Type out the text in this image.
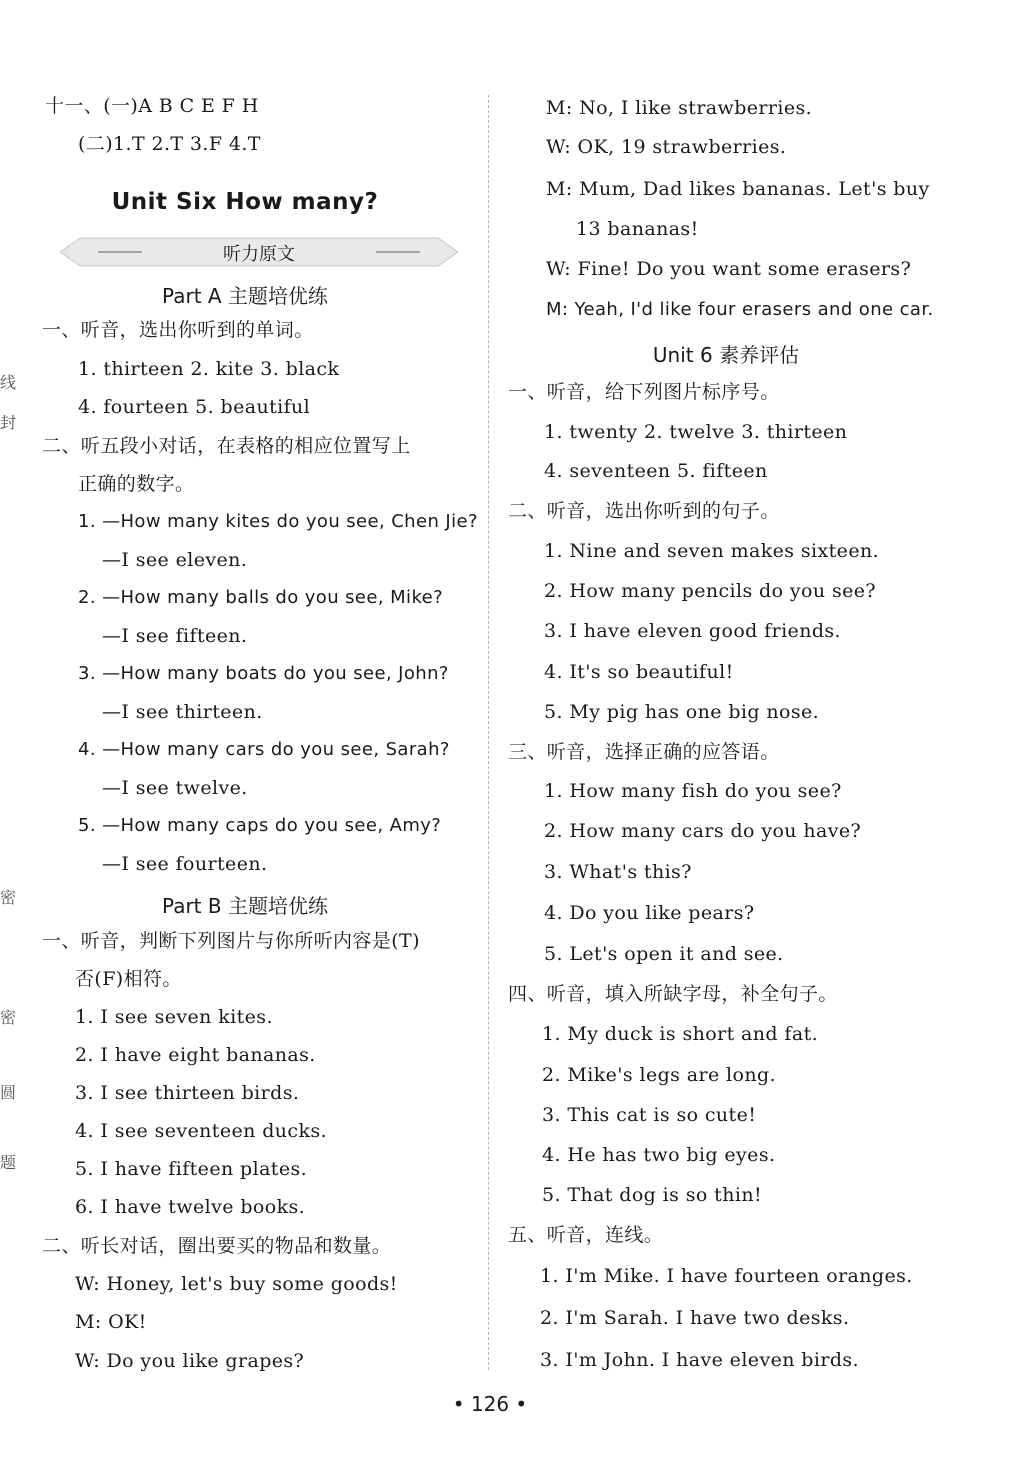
十一、(一)A B C E F H
(二)1.T 2.T 3.F 4.T
Unit Six How many?
听力原文
Part A 主题培优练
一、听音，选出你听到的单词。
1. thirteen 2. kite 3. black
4. fourteen 5. beautiful
二、听五段小对话，在表格的相应位置写上
正确的数字。
1. —How many kites do you see, Chen Jie?
—I see eleven.
2. —How many balls do you see, Mike?
—I see fifteen.
3. —How many boats do you see, John?
—I see thirteen.
4. —How many cars do you see, Sarah?
—I see twelve.
5. —How many caps do you see, Amy?
—I see fourteen.
Part B 主题培优练
一、听音，判断下列图片与你所听内容是(T)
否(F)相符。
1. I see seven kites.
2. I have eight bananas.
3. I see thirteen birds.
4. I see seventeen ducks.
5. I have fifteen plates.
6. I have twelve books.
二、听长对话，圈出要买的物品和数量。
W: Honey, let's buy some goods!
M: OK!
W: Do you like grapes?
线
封
密
密
圆
题
M: No, I like strawberries.
W: OK, 19 strawberries.
M: Mum, Dad likes bananas. Let's buy
13 bananas!
W: Fine! Do you want some erasers?
M: Yeah, I'd like four erasers and one car.
Unit 6 素养评估
一、听音，给下列图片标序号。
1. twenty 2. twelve 3. thirteen
4. seventeen 5. fifteen
二、听音，选出你听到的句子。
1. Nine and seven makes sixteen.
2. How many pencils do you see?
3. I have eleven good friends.
4. It's so beautiful!
5. My pig has one big nose.
三、听音，选择正确的应答语。
1. How many fish do you see?
2. How many cars do you have?
3. What's this?
4. Do you like pears?
5. Let's open it and see.
四、听音，填入所缺字母，补全句子。
1. My duck is short and fat.
2. Mike's legs are long.
3. This cat is so cute!
4. He has two big eyes.
5. That dog is so thin!
五、听音，连线。
1. I'm Mike. I have fourteen oranges.
2. I'm Sarah. I have two desks.
3. I'm John. I have eleven birds.
• 126 •
